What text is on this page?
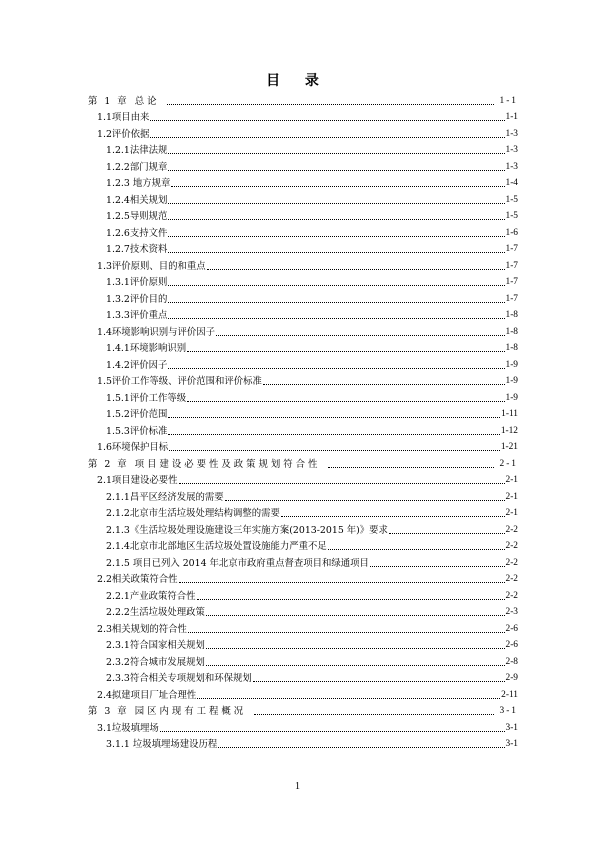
目 录
第 1 章 总论	1-1
1.1 项目由来	1-1
1.2 评价依据	1-3
1.2.1 法律法规	1-3
1.2.2 部门规章	1-3
1.2.3 地方规章	1-4
1.2.4 相关规划	1-5
1.2.5 导则规范	1-5
1.2.6 支持文件	1-6
1.2.7 技术资料	1-7
1.3 评价原则、目的和重点	1-7
1.3.1 评价原则	1-7
1.3.2 评价目的	1-7
1.3.3 评价重点	1-8
1.4 环境影响识别与评价因子	1-8
1.4.1 环境影响识别	1-8
1.4.2 评价因子	1-9
1.5 评价工作等级、评价范围和评价标准	1-9
1.5.1 评价工作等级	1-9
1.5.2 评价范围	1-11
1.5.3 评价标准	1-12
1.6 环境保护目标	1-21
第 2 章 项目建设必要性及政策规划符合性	2-1
2.1 项目建设必要性	2-1
2.1.1 昌平区经济发展的需要	2-1
2.1.2 北京市生活垃圾处理结构调整的需要	2-1
2.1.3 《生活垃圾处理设施建设三年实施方案(2013-2015 年)》要求	2-2
2.1.4 北京市北部地区生活垃圾处置设施能力严重不足	2-2
2.1.5 项目已列入 2014 年北京市政府重点督查项目和绿通项目	2-2
2.2 相关政策符合性	2-2
2.2.1 产业政策符合性	2-2
2.2.2 生活垃圾处理政策	2-3
2.3 相关规划的符合性	2-6
2.3.1 符合国家相关规划	2-6
2.3.2 符合城市发展规划	2-8
2.3.3 符合相关专项规划和环保规划	2-9
2.4 拟建项目厂址合理性	2-11
第 3 章 园区内现有工程概况	3-1
3.1 垃圾填埋场	3-1
3.1.1 垃圾填埋场建设历程	3-1
1
